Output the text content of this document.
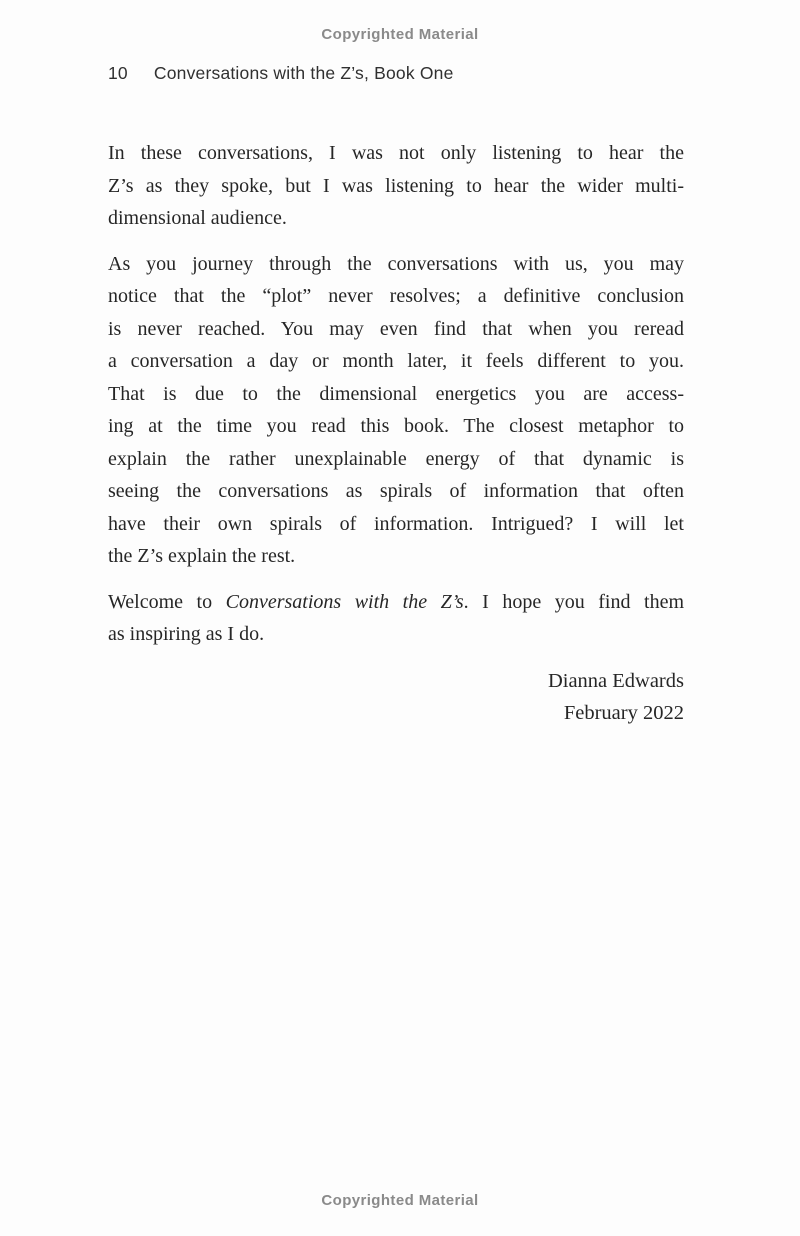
Copyrighted Material
10 Conversations with the Z’s, Book One
In these conversations, I was not only listening to hear the
Z’s as they spoke, but I was listening to hear the wider multi-
dimensional audience.
As you journey through the conversations with us, you may
notice that the “plot” never resolves; a definitive conclusion
is never reached. You may even find that when you reread
a conversation a day or month later, it feels different to you.
That is due to the dimensional energetics you are access-
ing at the time you read this book. The closest metaphor to
explain the rather unexplainable energy of that dynamic is
seeing the conversations as spirals of information that often
have their own spirals of information. Intrigued? I will let
the Z’s explain the rest.
Welcome to Conversations with the Z’s. I hope you find them
as inspiring as I do.
Dianna Edwards
February 2022
Copyrighted Material
